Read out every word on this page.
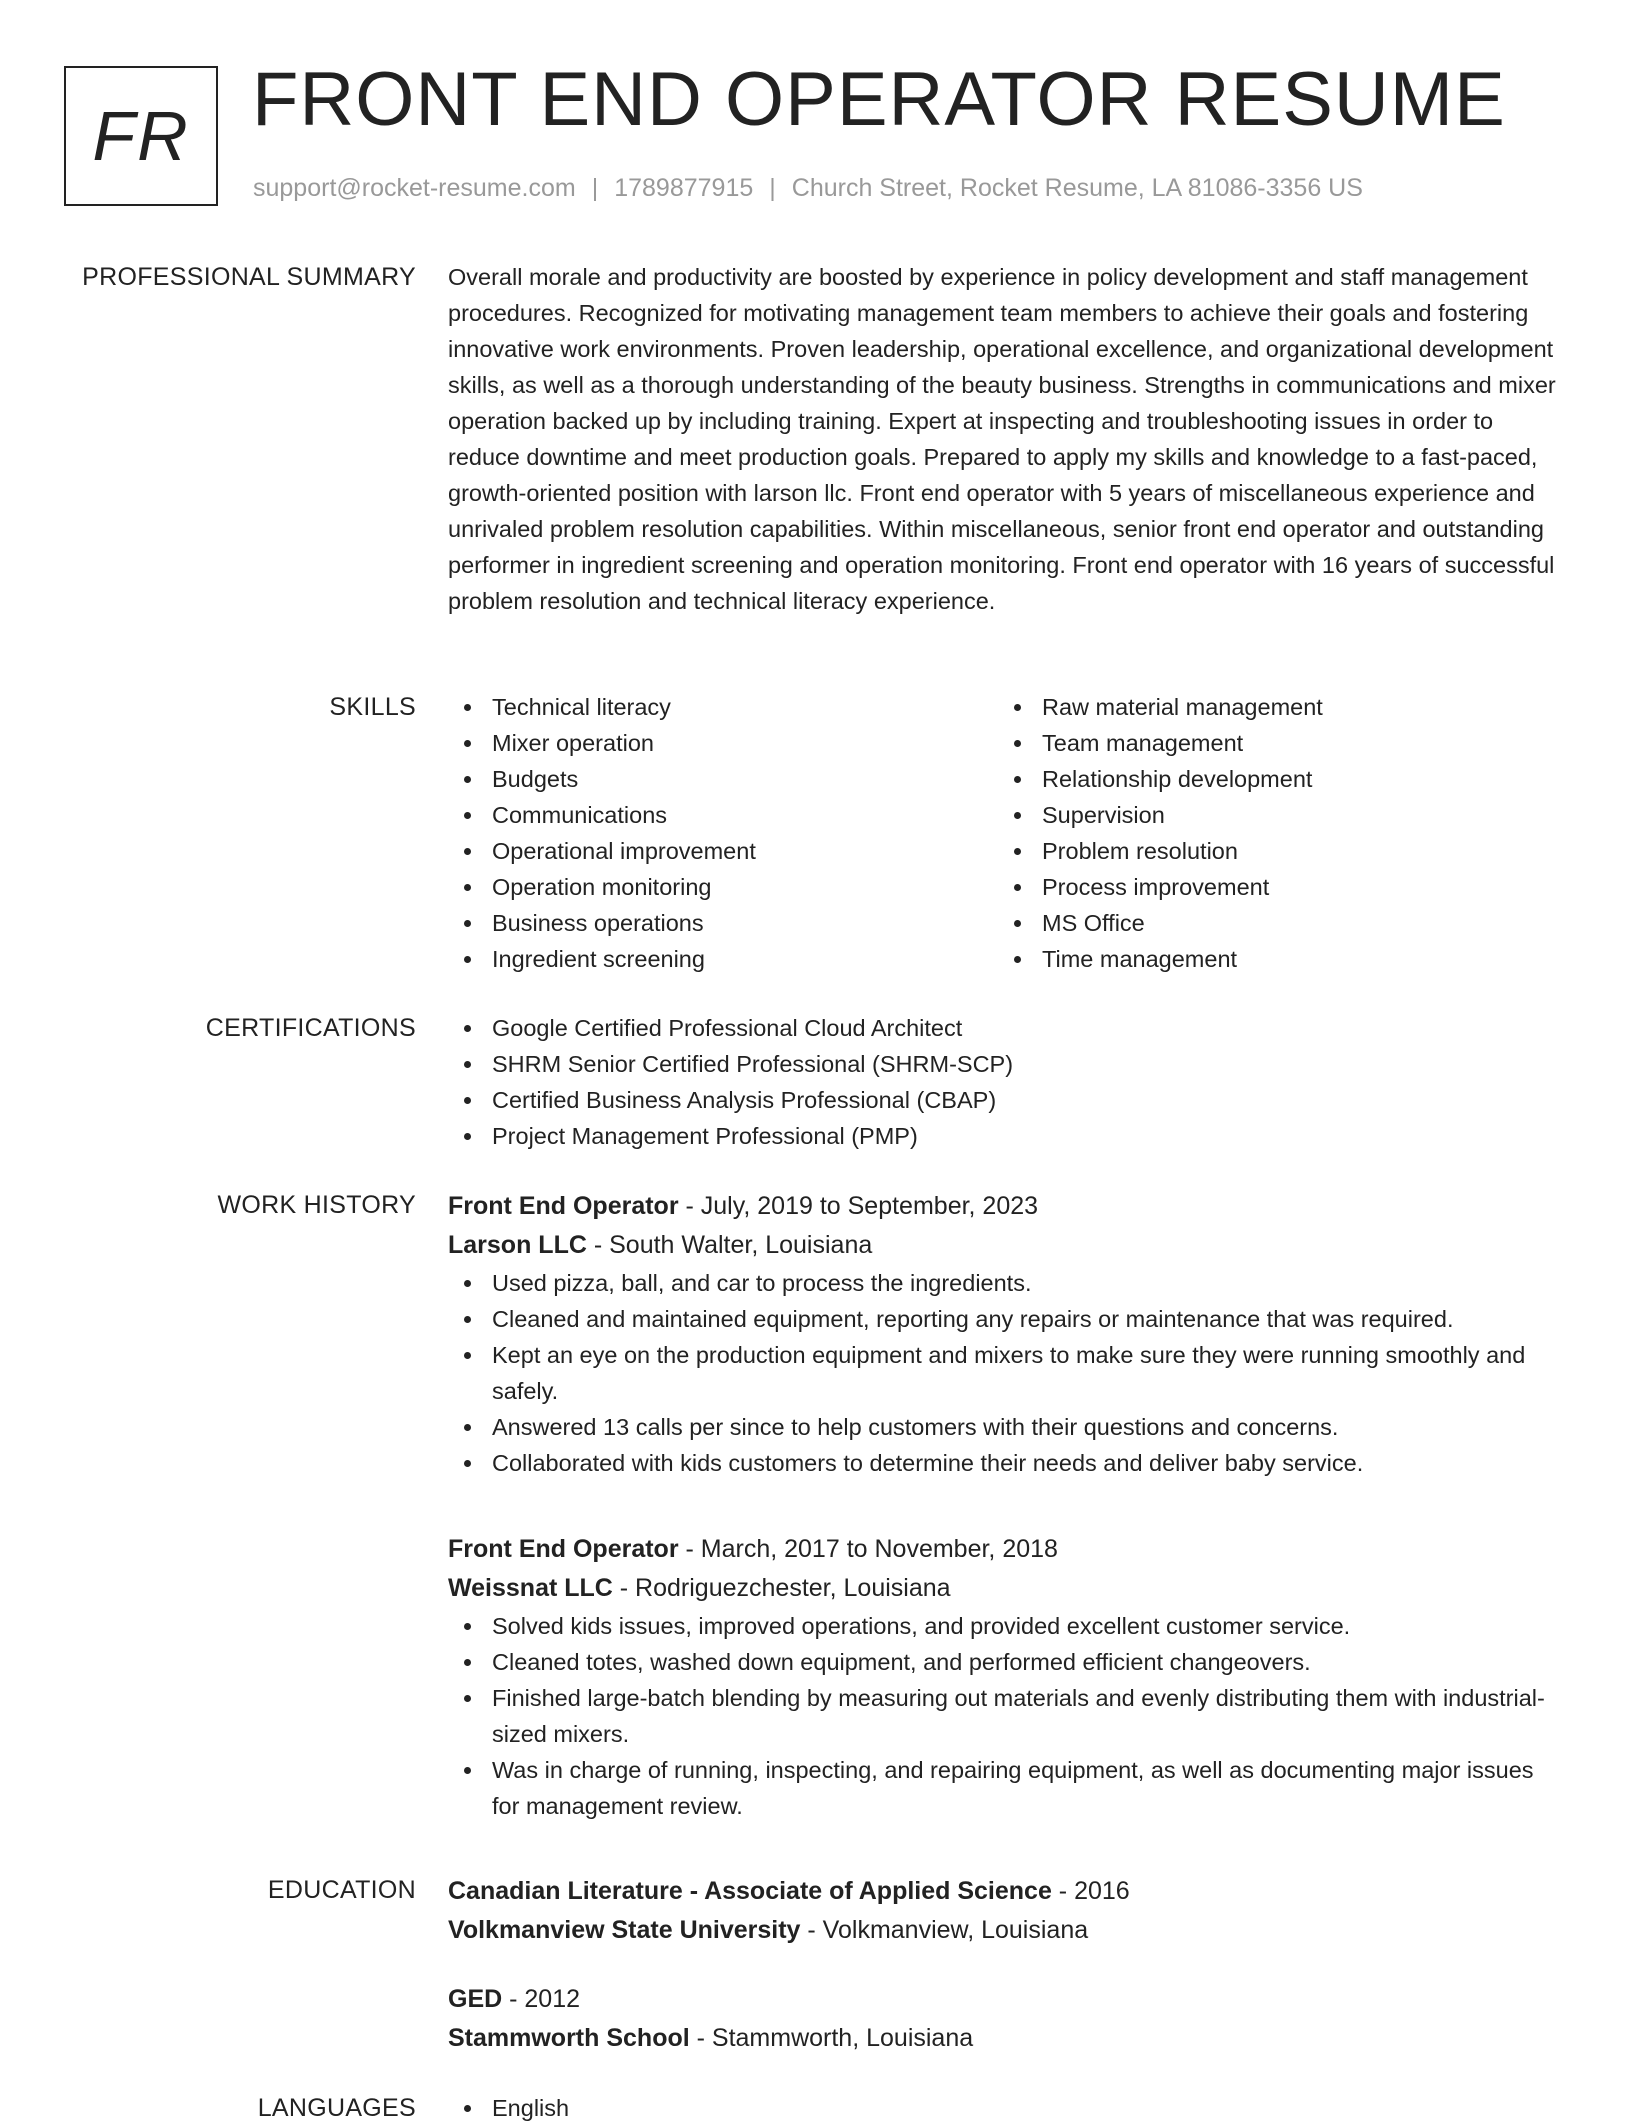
FR FRONT END OPERATOR RESUME
support@rocket-resume.com | 1789877915 | Church Street, Rocket Resume, LA 81086-3356 US
PROFESSIONAL SUMMARY Overall morale and productivity are boosted by experience in policy development and staff management procedures. Recognized for motivating management team members to achieve their goals and fostering innovative work environments. Proven leadership, operational excellence, and organizational development skills, as well as a thorough understanding of the beauty business. Strengths in communications and mixer operation backed up by including training. Expert at inspecting and troubleshooting issues in order to reduce downtime and meet production goals. Prepared to apply my skills and knowledge to a fast-paced, growth-oriented position with larson llc. Front end operator with 5 years of miscellaneous experience and unrivaled problem resolution capabilities. Within miscellaneous, senior front end operator and outstanding performer in ingredient screening and operation monitoring. Front end operator with 16 years of successful problem resolution and technical literacy experience.

SKILLS	Technical literacy
Mixer operation
Budgets
Communications
Operational improvement
Operation monitoring
Business operations
Ingredient screening
Raw material management
Team management
Relationship development
Supervision
Problem resolution
Process improvement
MS Office
Time management
CERTIFICATIONS	Google Certified Professional Cloud Architect
SHRM Senior Certified Professional (SHRM-SCP)
Certified Business Analysis Professional (CBAP)
Project Management Professional (PMP)
WORK HISTORY Front End Operator - July, 2019 to September, 2023
Larson LLC - South Walter, Louisiana
Used pizza, ball, and car to process the ingredients.
Cleaned and maintained equipment, reporting any repairs or maintenance that was required.
Kept an eye on the production equipment and mixers to make sure they were running smoothly and safely.
Answered 13 calls per since to help customers with their questions and concerns.
Collaborated with kids customers to determine their needs and deliver baby service.
Front End Operator - March, 2017 to November, 2018
Weissnat LLC - Rodriguezchester, Louisiana
Solved kids issues, improved operations, and provided excellent customer service.
Cleaned totes, washed down equipment, and performed efficient changeovers.
Finished large-batch blending by measuring out materials and evenly distributing them with industrial-sized mixers.
Was in charge of running, inspecting, and repairing equipment, as well as documenting major issues for management review.
EDUCATION Canadian Literature - Associate of Applied Science - 2016
Volkmanview State University - Volkmanview, Louisiana
GED - 2012
Stammworth School - Stammworth, Louisiana
LANGUAGES	English
